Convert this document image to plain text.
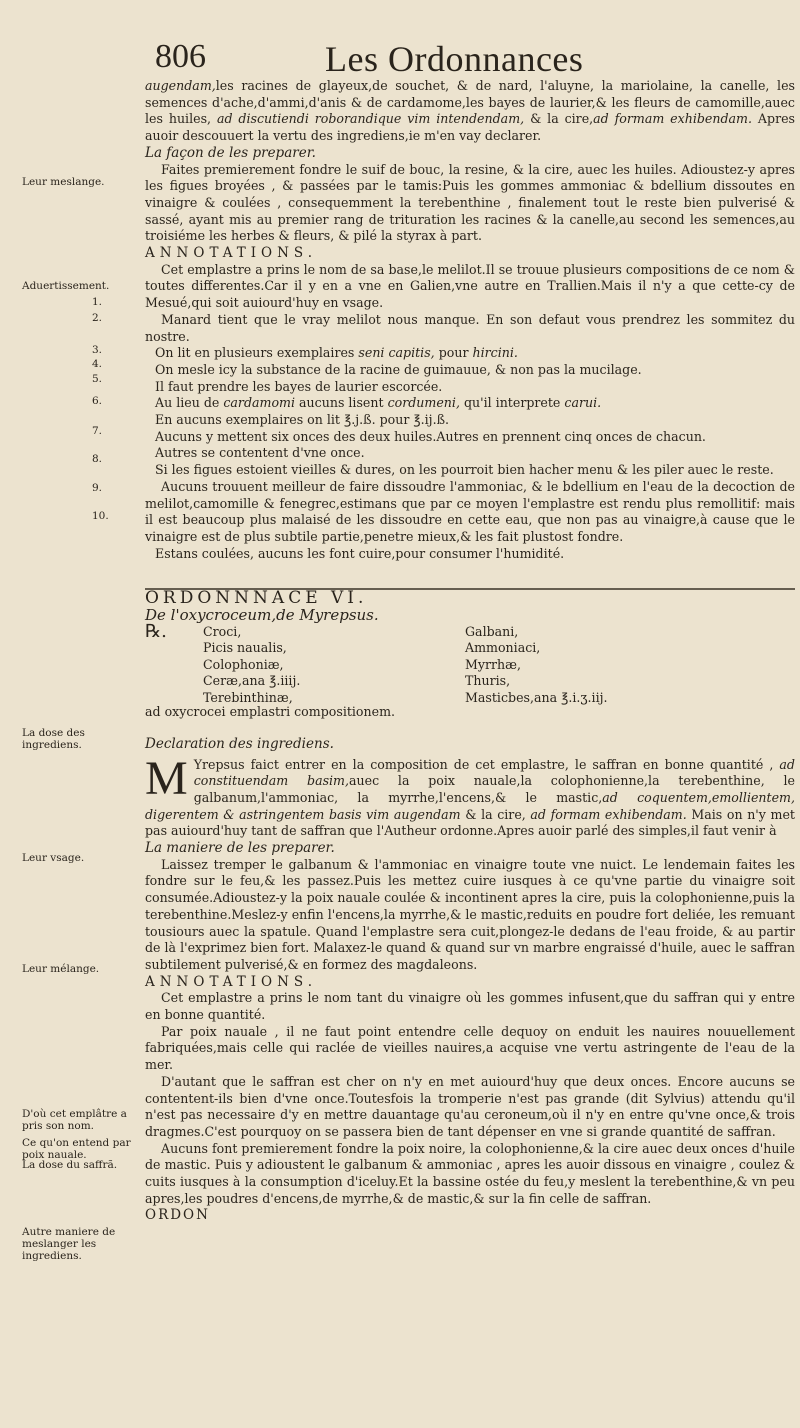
806	Les Ordonnances
Leur meslange.
Aduertissement.
1.
2.
3.
4.
5.
6.
7.
8.
9.
10.
La dose des ingrediens.
Leur vsage.
Leur mélange.
D'où cet emplâtre a pris son nom.
Ce qu'on entend par poix nauale.
La dose du saffrã.
Autre maniere de meslanger les ingrediens.

augendam,les racines de glayeux,de souchet, & de nard, l'aluyne, la mariolaine, la canelle, les semences d'ache,d'ammi,d'anis & de cardamome,les bayes de laurier,& les fleurs de camomille,auec les huiles, ad discutiendi roborandique vim intendendam, & la cire,ad formam exhibendam. Apres auoir descouuert la vertu des ingrediens,ie m'en vay declarer.

La façon de les preparer.

Faites premierement fondre le suif de bouc, la resine, & la cire, auec les huiles. Adioustez-y apres les figues broyées , & passées par le tamis:Puis les gommes ammoniac & bdellium dissoutes en vinaigre & coulées , consequemment la terebenthine , finalement tout le reste bien pulverisé & sassé, ayant mis au premier rang de trituration les racines & la canelle,au second les semences,au troisiéme les herbes & fleurs, & pilé la styrax à part.

ANNOTATIONS.

Cet emplastre a prins le nom de sa base,le melilot.Il se trouue plusieurs compositions de ce nom & toutes differentes.Car il y en a vne en Galien,vne autre en Trallien.Mais il n'y a que cette-cy de Mesué,qui soit auiourd'huy en vsage.

Manard tient que le vray melilot nous manque. En son defaut vous prendrez les sommitez du nostre.

On lit en plusieurs exemplaires seni capitis, pour hircini.

On mesle icy la substance de la racine de guimauue, & non pas la mucilage.

Il faut prendre les bayes de laurier escorcée.

Au lieu de cardamomi aucuns lisent cordumeni, qu'il interprete carui.

En aucuns exemplaires on lit ℥.j.ß. pour ℥.ij.ß.

Aucuns y mettent six onces des deux huiles.Autres en prennent cinq onces de chacun.

Autres se contentent d'vne once.

Si les figues estoient vieilles & dures, on les pourroit bien hacher menu & les piler auec le reste.

Aucuns trouuent meilleur de faire dissoudre l'ammoniac, & le bdellium en l'eau de la decoction de melilot,camomille & fenegrec,estimans que par ce moyen l'emplastre est rendu plus remollitif: mais il est beaucoup plus malaisé de les dissoudre en cette eau, que non pas au vinaigre,à cause que le vinaigre est de plus subtile partie,penetre mieux,& les fait plustost fondre.

Estans coulées, aucuns les font cuire,pour consumer l'humidité.

ORDONNNACE VI.

De l'oxycroceum,de Myrepsus.

℞.	Croci,
Picis naualis,
Colophoniæ,
Ceræ,ana ℥.iiij.
Terebinthinæ,
Galbani,
Ammoniaci,
Myrrhæ,
Thuris,
Masticbes,ana ℥.i.ʒ.iij.
ad oxycrocei emplastri compositionem.

Declaration des ingrediens.

M Yrepsus faict entrer en la composition de cet emplastre, le saffran en bonne quantité , ad constituendam basim,auec la poix nauale,la colophonienne,la terebenthine, le galbanum,l'ammoniac, la myrrhe,l'encens,& le mastic,ad coquentem,emollientem, digerentem & astringentem basis vim augendam & la cire, ad formam exhibendam. Mais on n'y met pas auiourd'huy tant de saffran que l'Autheur ordonne.Apres auoir parlé des simples,il faut venir à

La maniere de les preparer.

Laissez tremper le galbanum & l'ammoniac en vinaigre toute vne nuict. Le lendemain faites les fondre sur le feu,& les passez.Puis les mettez cuire iusques à ce qu'vne partie du vinaigre soit consumée.Adioustez-y la poix nauale coulée & incontinent apres la cire, puis la colophonienne,puis la terebenthine.Meslez-y enfin l'encens,la myrrhe,& le mastic,reduits en poudre fort deliée, les remuant tousiours auec la spatule. Quand l'emplastre sera cuit,plongez-le dedans de l'eau froide, & au partir de là l'exprimez bien fort. Malaxez-le quand & quand sur vn marbre engraissé d'huile, auec le saffran subtilement pulverisé,& en formez des magdaleons.

ANNOTATIONS.

Cet emplastre a prins le nom tant du vinaigre où les gommes infusent,que du saffran qui y entre en bonne quantité.

Par poix nauale , il ne faut point entendre celle dequoy on enduit les nauires nouuellement fabriquées,mais celle qui raclée de vieilles nauires,a acquise vne vertu astringente de l'eau de la mer.

D'autant que le saffran est cher on n'y en met auiourd'huy que deux onces. Encore aucuns se contentent-ils bien d'vne once.Toutesfois la tromperie n'est pas grande (dit Sylvius) attendu qu'il n'est pas necessaire d'y en mettre dauantage qu'au ceroneum,où il n'y en entre qu'vne once,& trois dragmes.C'est pourquoy on se passera bien de tant dépenser en vne si grande quantité de saffran.

Aucuns font premierement fondre la poix noire, la colophonienne,& la cire auec deux onces d'huile de mastic. Puis y adioustent le galbanum & ammoniac , apres les auoir dissous en vinaigre , coulez & cuits iusques à la consumption d'iceluy.Et la bassine ostée du feu,y meslent la terebenthine,& vn peu apres,les poudres d'encens,de myrrhe,& de mastic,& sur la fin celle de saffran.

ORDON
